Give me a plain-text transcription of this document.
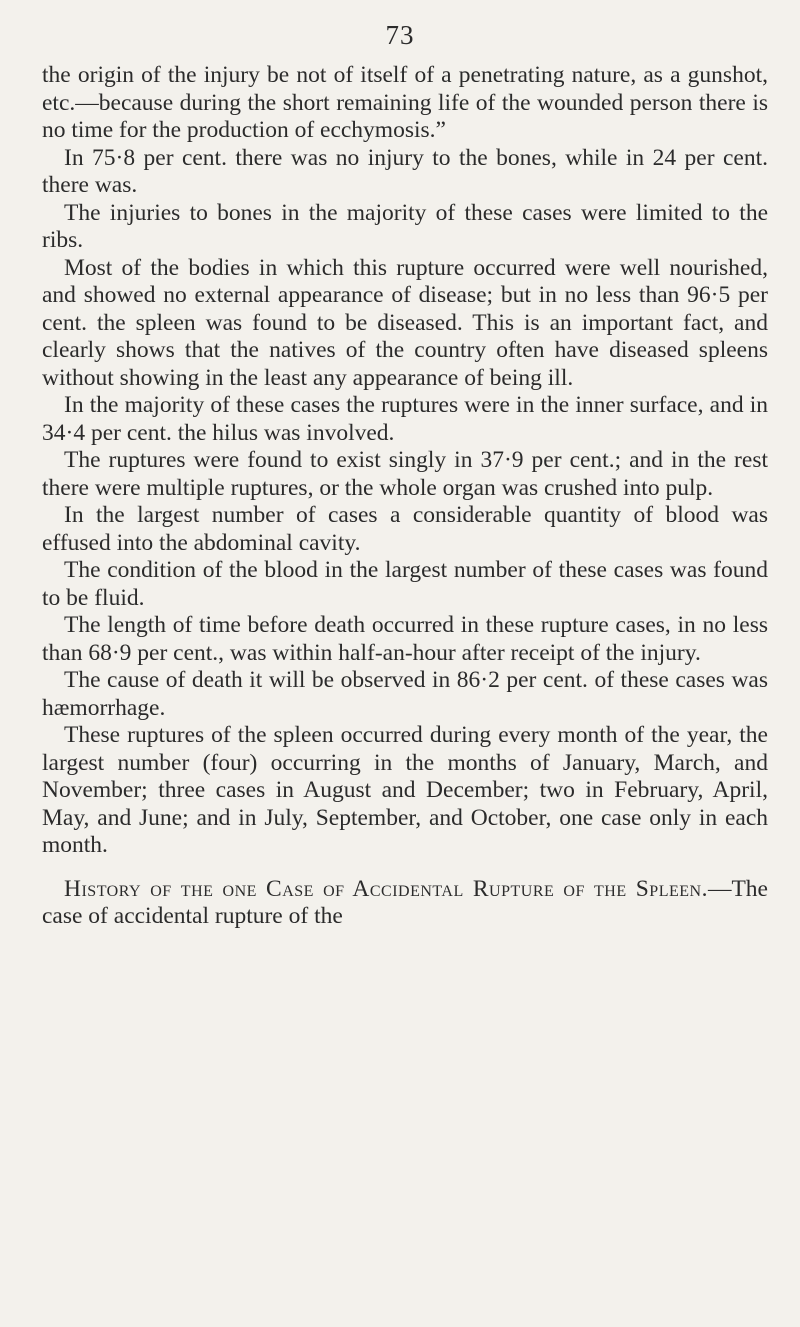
73

the origin of the injury be not of itself of a penetrating nature, as a gunshot, etc.—because during the short remaining life of the wounded person there is no time for the production of ecchymosis.”

In 75·8 per cent. there was no injury to the bones, while in 24 per cent. there was.

The injuries to bones in the majority of these cases were limited to the ribs.

Most of the bodies in which this rupture occurred were well nourished, and showed no external appearance of disease; but in no less than 96·5 per cent. the spleen was found to be diseased. This is an important fact, and clearly shows that the natives of the country often have diseased spleens without showing in the least any appearance of being ill.

In the majority of these cases the ruptures were in the inner surface, and in 34·4 per cent. the hilus was involved.

The ruptures were found to exist singly in 37·9 per cent.; and in the rest there were multiple ruptures, or the whole organ was crushed into pulp.

In the largest number of cases a considerable quantity of blood was effused into the abdominal cavity.

The condition of the blood in the largest number of these cases was found to be fluid.

The length of time before death occurred in these rupture cases, in no less than 68·9 per cent., was within half-an-hour after receipt of the injury.

The cause of death it will be observed in 86·2 per cent. of these cases was hæmorrhage.

These ruptures of the spleen occurred during every month of the year, the largest number (four) occurring in the months of January, March, and November; three cases in August and December; two in February, April, May, and June; and in July, September, and October, one case only in each month.

History of the one Case of Accidental Rupture of the Spleen.—The case of accidental rupture of the
